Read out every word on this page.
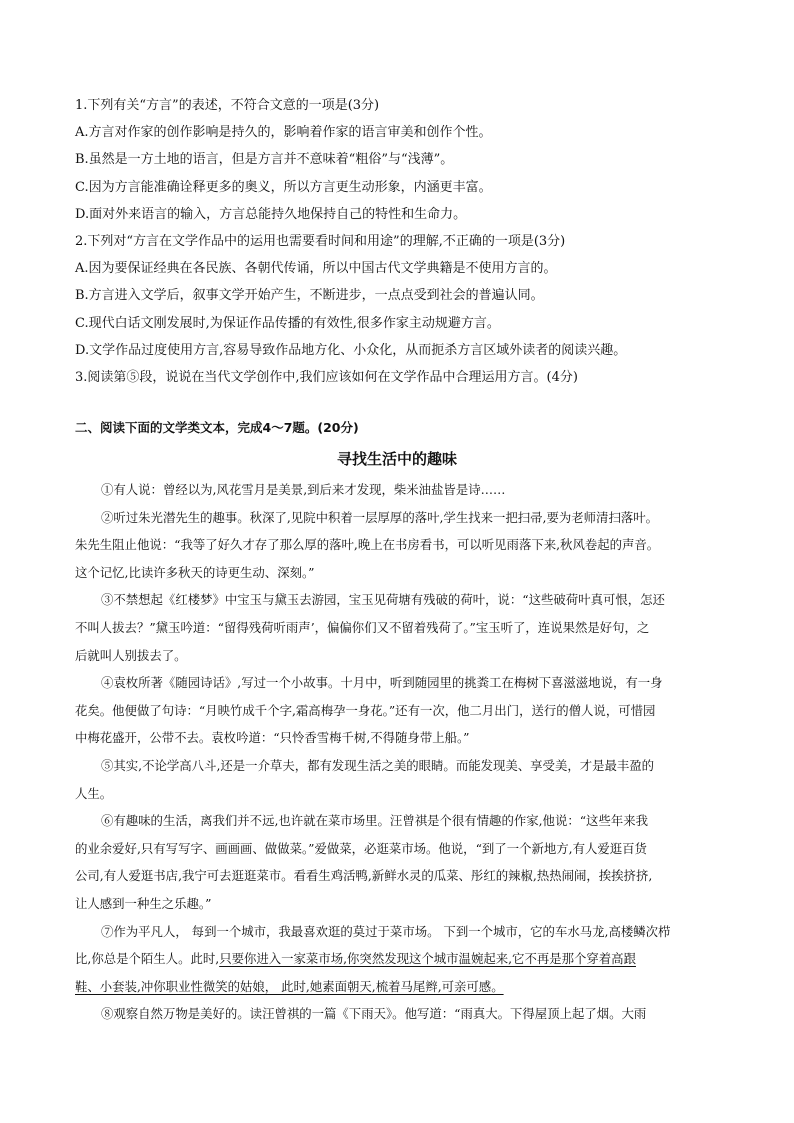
1.下列有关“方言”的表述，不符合文意的一项是(3分)
A.方言对作家的创作影响是持久的，影响着作家的语言审美和创作个性。
B.虽然是一方土地的语言，但是方言并不意味着“粗俗”与“浅薄”。
C.因为方言能准确诠释更多的奥义，所以方言更生动形象，内涵更丰富。
D.面对外来语言的输入，方言总能持久地保持自己的特性和生命力。
2.下列对“方言在文学作品中的运用也需要看时间和用途”的理解,不正确的一项是(3分)
A.因为要保证经典在各民族、各朝代传诵，所以中国古代文学典籍是不使用方言的。
B.方言进入文学后，叙事文学开始产生，不断进步，一点点受到社会的普遍认同。
C.现代白话文刚发展时,为保证作品传播的有效性,很多作家主动规避方言。
D.文学作品过度使用方言,容易导致作品地方化、小众化，从而扼杀方言区域外读者的阅读兴趣。
3.阅读第⑤段，说说在当代文学创作中,我们应该如何在文学作品中合理运用方言。(4分)
二、阅读下面的文学类文本，完成4～7题。(20分)
寻找生活中的趣味

①有人说：曾经以为,风花雪月是美景,到后来才发现，柴米油盐皆是诗……

②听过朱光潜先生的趣事。秋深了,见院中积着一层厚厚的落叶,学生找来一把扫帚,要为老师清扫落叶。

朱先生阻止他说：“我等了好久才存了那么厚的落叶,晚上在书房看书，可以听见雨落下来,秋风卷起的声音。

这个记忆,比读许多秋天的诗更生动、深刻。”

③不禁想起《红楼梦》中宝玉与黛玉去游园，宝玉见荷塘有残破的荷叶，说：“这些破荷叶真可恨，怎还

不叫人拔去？”黛玉吟道：“留得残荷听雨声’，偏偏你们又不留着残荷了。”宝玉听了，连说果然是好句，之

后就叫人别拔去了。

④袁枚所著《随园诗话》,写过一个小故事。十月中，听到随园里的挑粪工在梅树下喜滋滋地说，有一身

花矣。他便做了句诗：“月映竹成千个字,霜高梅孕一身花。”还有一次，他二月出门，送行的僧人说，可惜园

中梅花盛开，公带不去。袁枚吟道：“只怜香雪梅千树,不得随身带上船。”

⑤其实,不论学高八斗,还是一介草夫，都有发现生活之美的眼睛。而能发现美、享受美，才是最丰盈的

人生。

⑥有趣味的生活，离我们并不远,也许就在菜市场里。汪曾祺是个很有情趣的作家,他说：“这些年来我

的业余爱好,只有写写字、画画画、做做菜。”爱做菜，必逛菜市场。他说，“到了一个新地方,有人爱逛百货

公司,有人爱逛书店,我宁可去逛逛菜市。看看生鸡活鸭,新鲜水灵的瓜菜、彤红的辣椒,热热闹闹，挨挨挤挤,

让人感到一种生之乐趣。”

⑦作为平凡人， 每到一个城市，我最喜欢逛的莫过于菜市场。 下到一个城市，它的车水马龙,高楼鳞次栉

比,你总是个陌生人。此时,只要你进入一家菜市场,你突然发现这个城市温婉起来,它不再是那个穿着高跟

鞋、小套装,冲你职业性微笑的姑娘， 此时,她素面朝天,梳着马尾辫,可亲可感。

⑧观察自然万物是美好的。读汪曾祺的一篇《下雨天》。他写道：“雨真大。下得屋顶上起了烟。大雨
